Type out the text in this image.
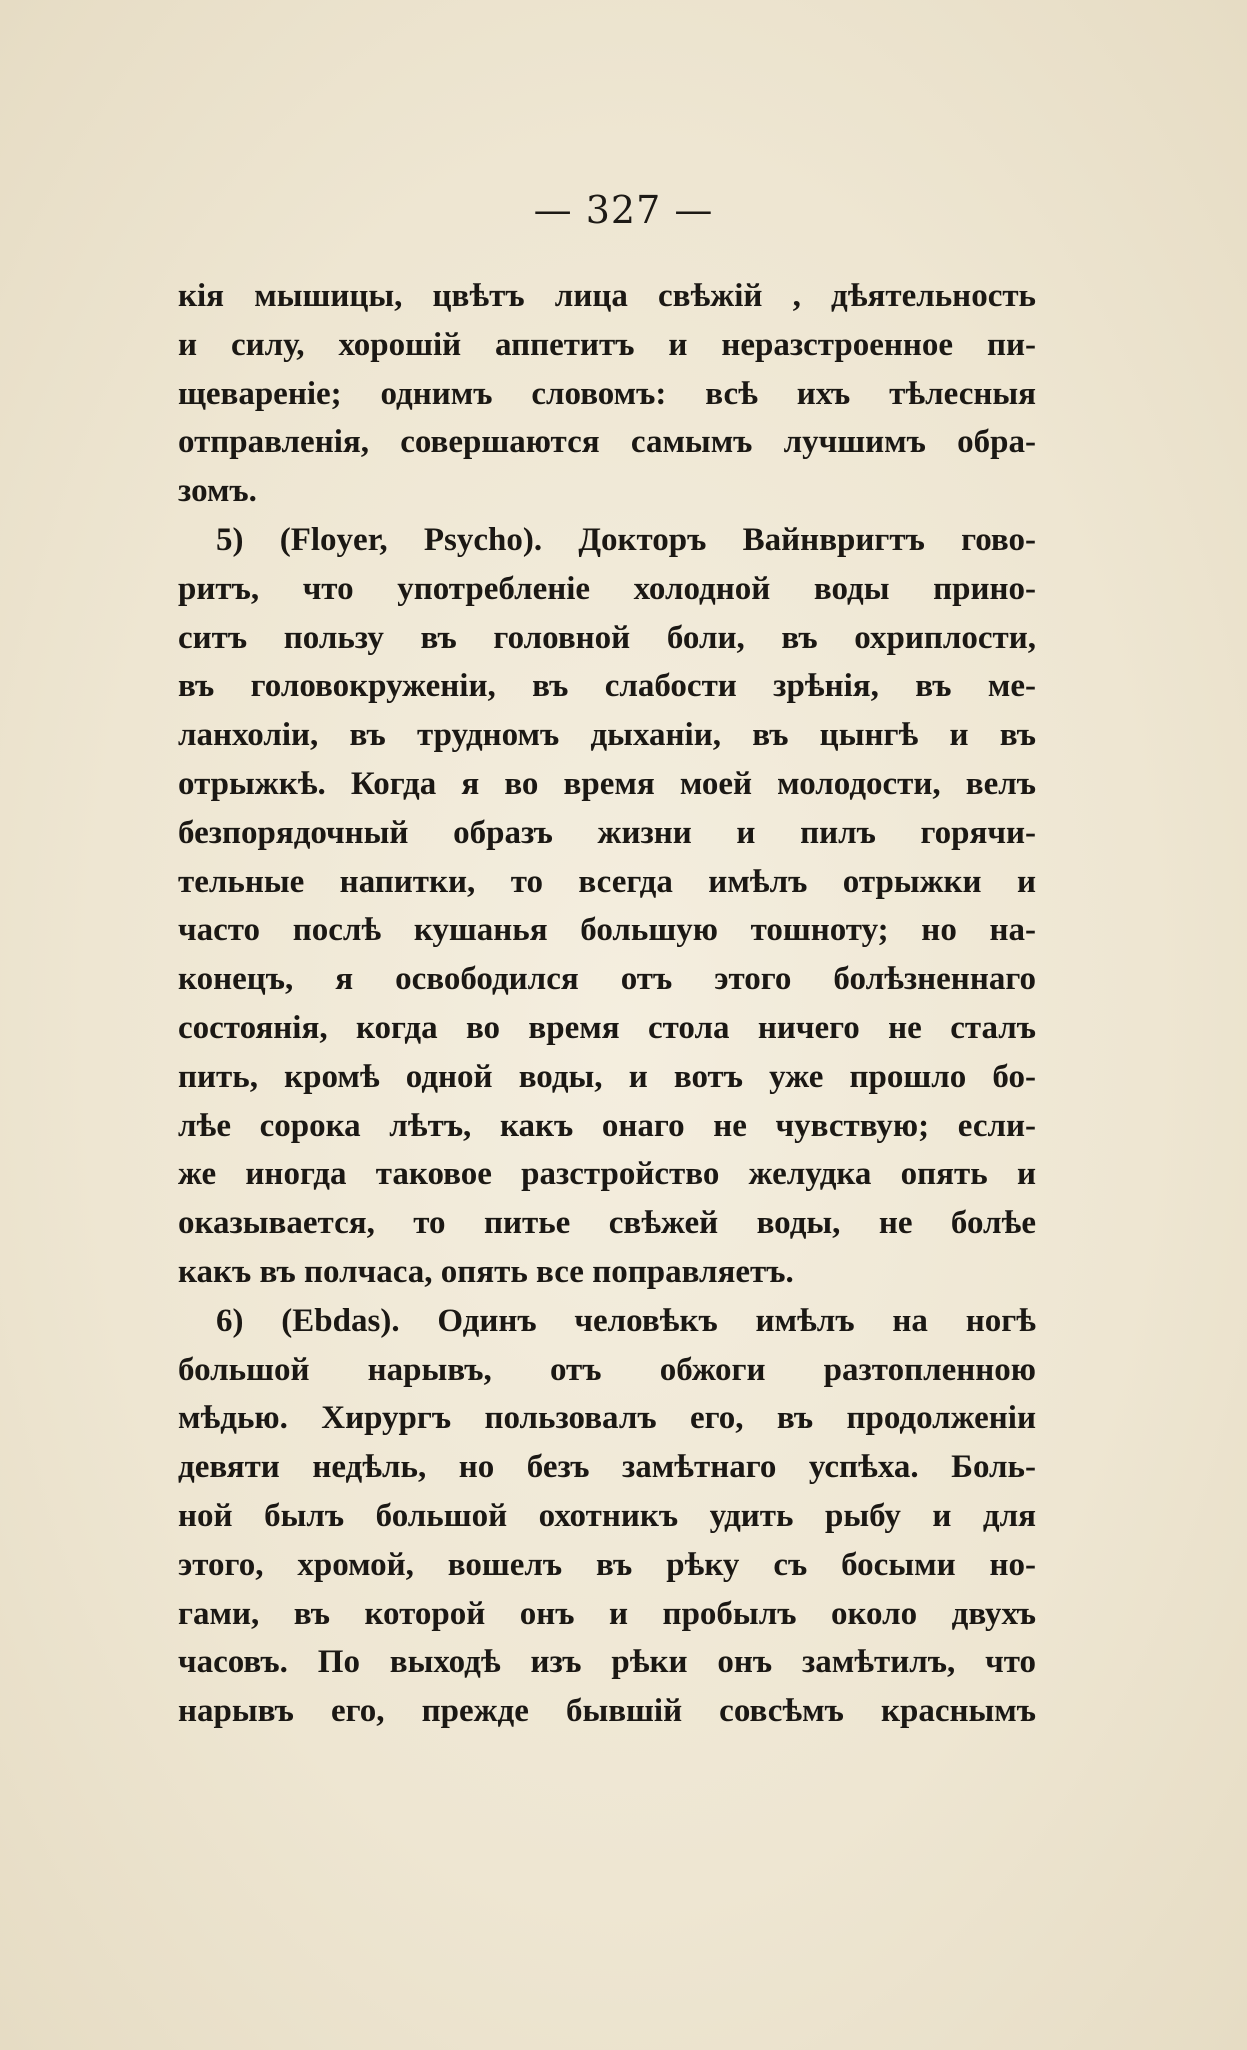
— 327 —
кія мышицы, цвѣтъ лица свѣжій , дѣятельность
и силу, хорошій аппетитъ и неразстроенное пи-
щевареніе; однимъ словомъ: всѣ ихъ тѣлесныя
отправленія, совершаются самымъ лучшимъ обра-
зомъ.
5) (Floyer, Psycho). Докторъ Вайнвригтъ гово-
ритъ, что употребленіе холодной воды прино-
ситъ пользу въ головной боли, въ охриплости,
въ головокруженіи, въ слабости зрѣнія, въ ме-
ланхоліи, въ трудномъ дыханіи, въ цынгѣ и въ
отрыжкѣ. Когда я во время моей молодости, велъ
безпорядочный образъ жизни и пилъ горячи-
тельные напитки, то всегда имѣлъ отрыжки и
часто послѣ кушанья большую тошноту; но на-
конецъ, я освободился отъ этого болѣзненнаго
состоянія, когда во время стола ничего не сталъ
пить, кромѣ одной воды, и вотъ уже прошло бо-
лѣе сорока лѣтъ, какъ онаго не чувствую; если-
же иногда таковое разстройство желудка опять и
оказывается, то питье свѣжей воды, не болѣе
какъ въ полчаса, опять все поправляетъ.
6) (Ebdas). Одинъ человѣкъ имѣлъ на ногѣ
большой нарывъ, отъ обжоги разтопленною
мѣдью. Хирургъ пользовалъ его, въ продолженіи
девяти недѣль, но безъ замѣтнаго успѣха. Боль-
ной былъ большой охотникъ удить рыбу и для
этого, хромой, вошелъ въ рѣку съ босыми но-
гами, въ которой онъ и пробылъ около двухъ
часовъ. По выходѣ изъ рѣки онъ замѣтилъ, что
нарывъ его, прежде бывшій совсѣмъ краснымъ
